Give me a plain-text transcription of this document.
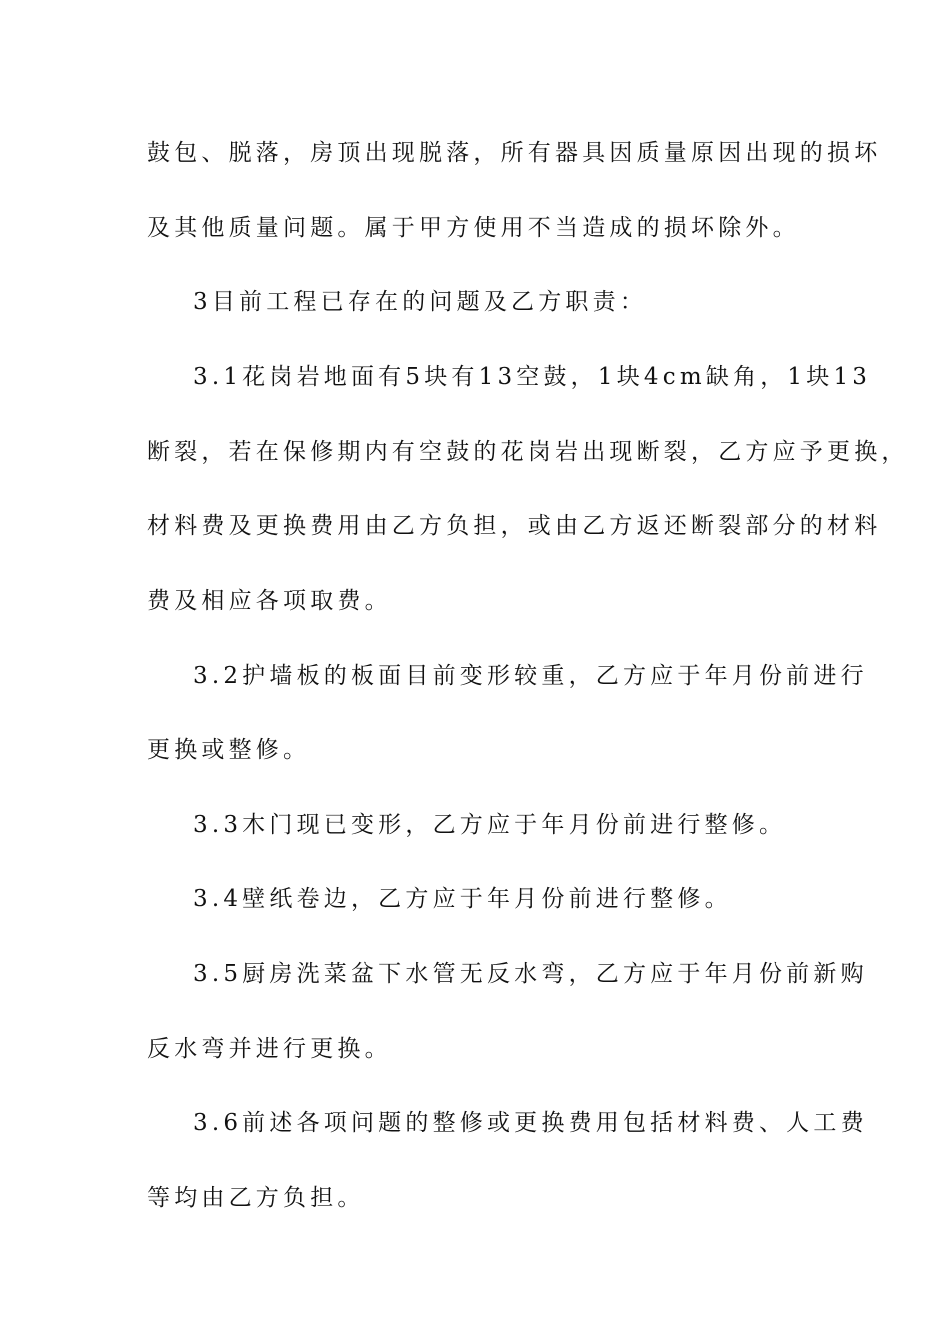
鼓包、脱落，房顶出现脱落，所有器具因质量原因出现的损坏
及其他质量问题。属于甲方使用不当造成的损坏除外。
3目前工程已存在的问题及乙方职责：
3.1花岗岩地面有5块有13空鼓，1块4cm缺角，1块13
断裂，若在保修期内有空鼓的花岗岩出现断裂，乙方应予更换，
材料费及更换费用由乙方负担，或由乙方返还断裂部分的材料
费及相应各项取费。
3.2护墙板的板面目前变形较重，乙方应于年月份前进行
更换或整修。
3.3木门现已变形，乙方应于年月份前进行整修。
3.4壁纸卷边，乙方应于年月份前进行整修。
3.5厨房洗菜盆下水管无反水弯，乙方应于年月份前新购
反水弯并进行更换。
3.6前述各项问题的整修或更换费用包括材料费、人工费
等均由乙方负担。
